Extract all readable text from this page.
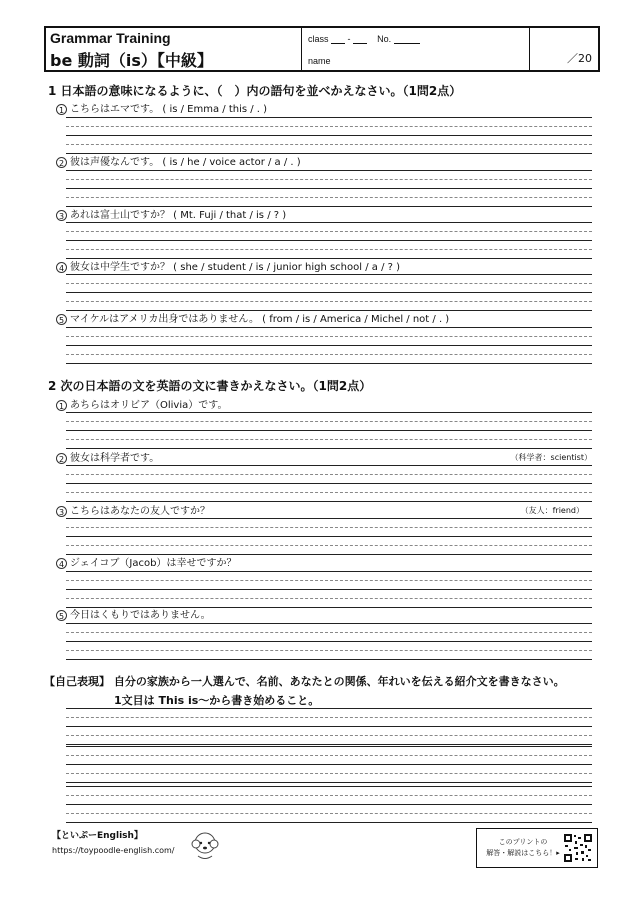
Grammar Training
be 動詞（is）【中級】
class -	No.
name	／20
1 日本語の意味になるように、（　）内の語句を並べかえなさい。（1問2点）
1 こちらはエマです。 ( is / Emma / this / . )
2 彼は声優なんです。 ( is / he / voice actor / a / . )
3 あれは富士山ですか？ ( Mt. Fuji / that / is / ? )
4 彼女は中学生ですか？ ( she / student / is / junior high school / a / ? )
5 マイケルはアメリカ出身ではありません。 ( from / is / America / Michel / not / . )
2 次の日本語の文を英語の文に書きかえなさい。（1問2点）
1 あちらはオリビア（Olivia）です。
2 彼女は科学者です。	（科学者：scientist）
3 こちらはあなたの友人ですか？	（友人：friend）
4 ジェイコブ（Jacob）は幸せですか？
5 今日はくもりではありません。
【自己表現】 自分の家族から一人選んで、名前、あなたとの関係、年れいを伝える紹介文を書きなさい。
1文目は This is～から書き始めること。
【といぷーEnglish】
https://toypoodle-english.com/
このプリントの
解答・解説はこちら！▸
